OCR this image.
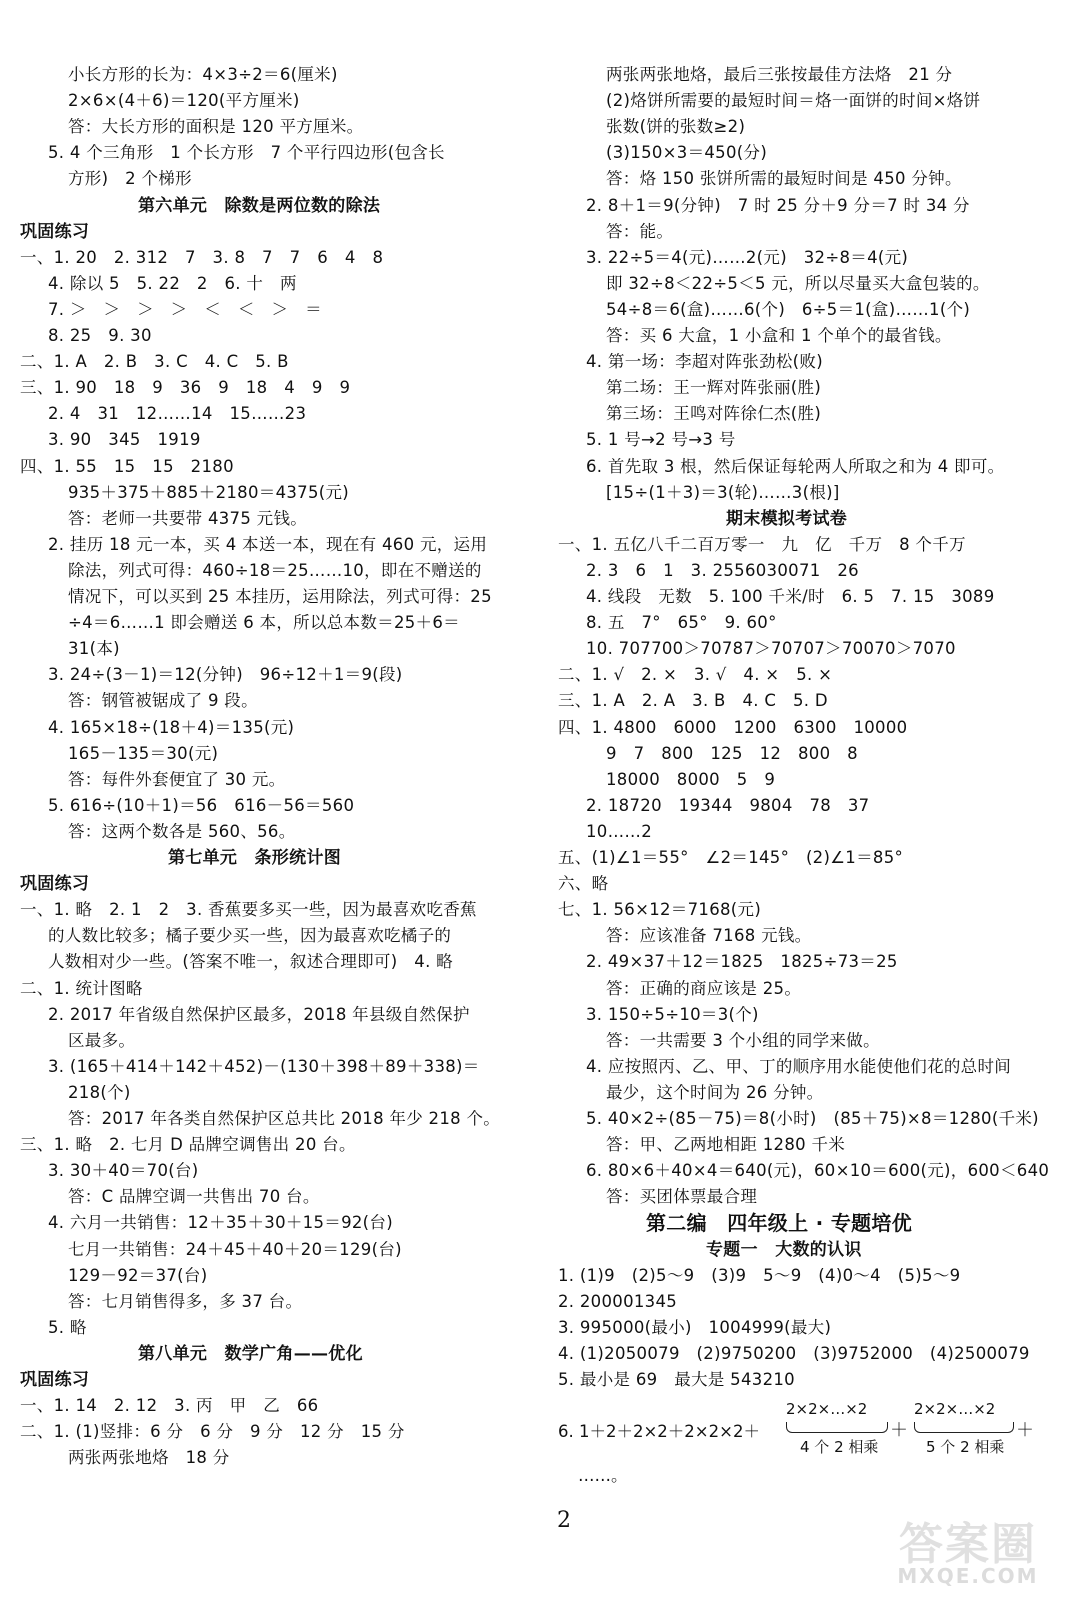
小长方形的长为：4×3÷2＝6(厘米)
2×6×(4＋6)＝120(平方厘米)
答：大长方形的面积是 120 平方厘米。
5. 4 个三角形　1 个长方形　7 个平行四边形(包含长
方形)　2 个梯形
第六单元　除数是两位数的除法
巩固练习
一、1. 20　2. 312　7　3. 8　7　7　6　4　8
4. 除以 5　5. 22　2　6. 十　两
7. ＞　＞　＞　＞　＜　＜　＞　＝
8. 25　9. 30
二、1. A　2. B　3. C　4. C　5. B
三、1. 90　18　9　36　9　18　4　9　9
2. 4　31　12……14　15……23
3. 90　345　1919
四、1. 55　15　15　2180
935＋375＋885＋2180＝4375(元)
答：老师一共要带 4375 元钱。
2. 挂历 18 元一本，买 4 本送一本，现在有 460 元，运用
除法，列式可得：460÷18＝25……10，即在不赠送的
情况下，可以买到 25 本挂历，运用除法，列式可得：25
÷4＝6……1 即会赠送 6 本，所以总本数＝25＋6＝
31(本)
3. 24÷(3－1)＝12(分钟)　96÷12＋1＝9(段)
答：钢管被锯成了 9 段。
4. 165×18÷(18＋4)＝135(元)
165－135＝30(元)
答：每件外套便宜了 30 元。
5. 616÷(10＋1)＝56　616－56＝560
答：这两个数各是 560、56。
第七单元　条形统计图
巩固练习
一、1. 略　2. 1　2　3. 香蕉要多买一些，因为最喜欢吃香蕉
的人数比较多；橘子要少买一些，因为最喜欢吃橘子的
人数相对少一些。(答案不唯一，叙述合理即可)　4. 略
二、1. 统计图略
2. 2017 年省级自然保护区最多，2018 年县级自然保护
区最多。
3. (165＋414＋142＋452)－(130＋398＋89＋338)＝
218(个)
答：2017 年各类自然保护区总共比 2018 年少 218 个。
三、1. 略　2. 七月 D 品牌空调售出 20 台。
3. 30＋40＝70(台)
答：C 品牌空调一共售出 70 台。
4. 六月一共销售：12＋35＋30＋15＝92(台)
七月一共销售：24＋45＋40＋20＝129(台)
129－92＝37(台)
答：七月销售得多，多 37 台。
5. 略
第八单元　数学广角——优化
巩固练习
一、1. 14　2. 12　3. 丙　甲　乙　66
二、1. (1)竖排：6 分　6 分　9 分　12 分　15 分
两张两张地烙　18 分
两张两张地烙，最后三张按最佳方法烙　21 分
(2)烙饼所需要的最短时间＝烙一面饼的时间×烙饼
张数(饼的张数≥2)
(3)150×3＝450(分)
答：烙 150 张饼所需的最短时间是 450 分钟。
2. 8＋1＝9(分钟)　7 时 25 分＋9 分＝7 时 34 分
答：能。
3. 22÷5＝4(元)……2(元)　32÷8＝4(元)
即 32÷8＜22÷5＜5 元，所以尽量买大盒包装的。
54÷8＝6(盒)……6(个)　6÷5＝1(盒)……1(个)
答：买 6 大盒，1 小盒和 1 个单个的最省钱。
4. 第一场：李超对阵张劲松(败)
第二场：王一辉对阵张丽(胜)
第三场：王鸣对阵徐仁杰(胜)
5. 1 号→2 号→3 号
6. 首先取 3 根，然后保证每轮两人所取之和为 4 即可。
[15÷(1＋3)＝3(轮)……3(根)]
期末模拟考试卷
一、1. 五亿八千二百万零一　九　亿　千万　8 个千万
2. 3　6　1　3. 2556030071　26
4. 线段　无数　5. 100 千米/时　6. 5　7. 15　3089
8. 五　7°　65°　9. 60°
10. 707700＞70787＞70707＞70070＞7070
二、1. √　2. ×　3. √　4. ×　5. ×
三、1. A　2. A　3. B　4. C　5. D
四、1. 4800　6000　1200　6300　10000
9　7　800　125　12　800　8
18000　8000　5　9
2. 18720　19344　9804　78　37
10……2
五、(1)∠1＝55°　∠2＝145°　(2)∠1＝85°
六、略
七、1. 56×12＝7168(元)
答：应该准备 7168 元钱。
2. 49×37＋12＝1825　1825÷73＝25
答：正确的商应该是 25。
3. 150÷5÷10＝3(个)
答：一共需要 3 个小组的同学来做。
4. 应按照丙、乙、甲、丁的顺序用水能使他们花的总时间
最少，这个时间为 26 分钟。
5. 40×2÷(85－75)＝8(小时)　(85＋75)×8＝1280(千米)
答：甲、乙两地相距 1280 千米
6. 80×6＋40×4＝640(元)，60×10＝600(元)，600＜640
答：买团体票最合理
第二编　四年级上 · 专题培优
专题一　大数的认识
1. (1)9　(2)5～9　(3)9　5～9　(4)0～4　(5)5～9
2. 200001345
3. 995000(最小)　1004999(最大)
4. (1)2050079　(2)9750200　(3)9752000　(4)2500079
5. 最小是 69　最大是 543210
6. 1＋2＋2×2＋2×2×2＋
2×2×…×2
4 个 2 相乘
＋
2×2×…×2
5 个 2 相乘
＋
……。
2	答案圈
MXQE.COM
